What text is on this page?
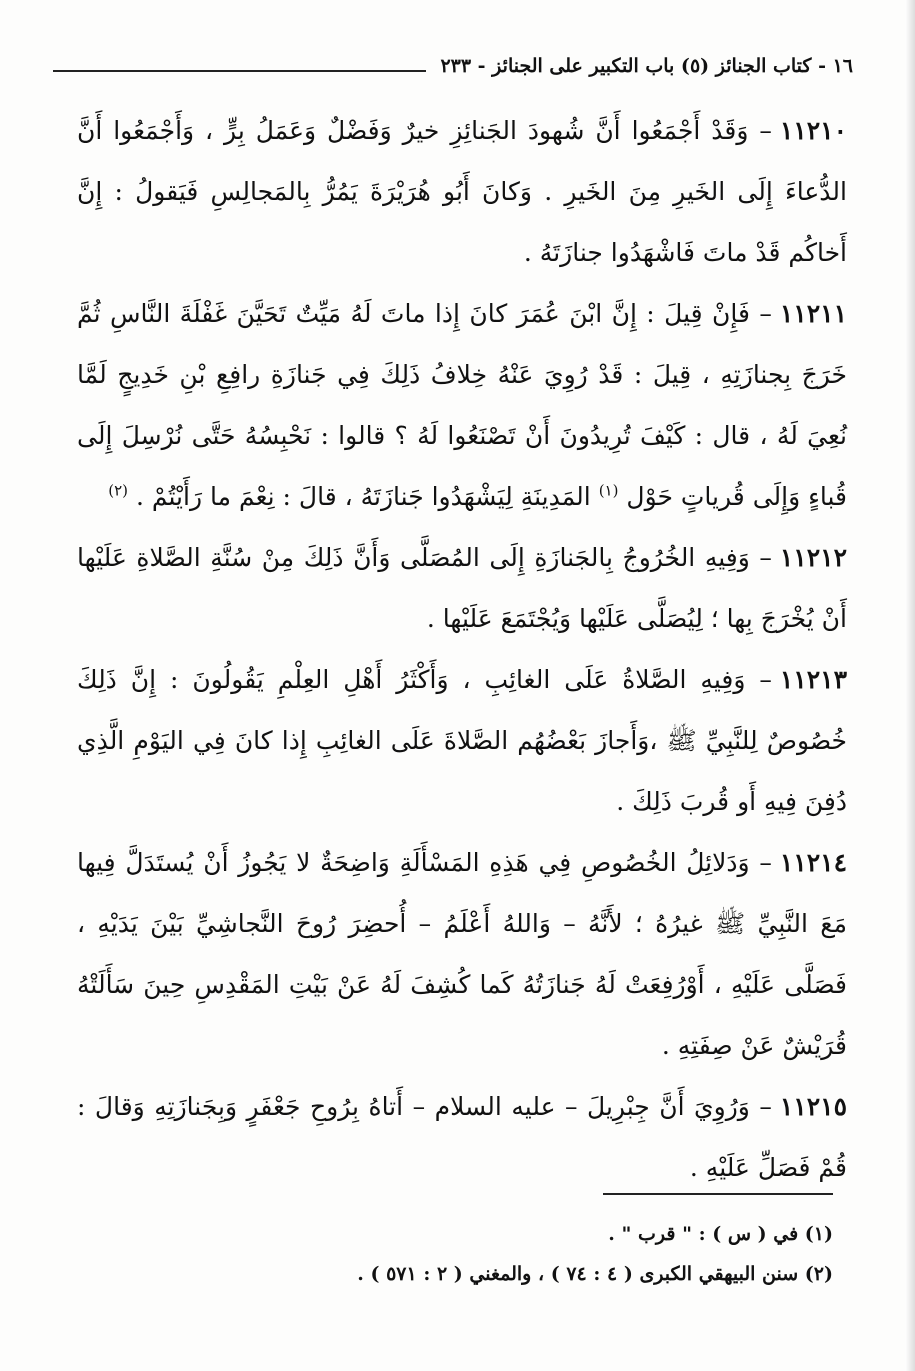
١٦ - كتاب الجنائز (٥) باب التكبير على الجنائز - ٢٣٣

١١٢١٠– وَقَدْ أَجْمَعُوا أَنَّ شُهودَ الجَنائِزِ خيرٌ وَفَضْلٌ وَعَمَلُ بِرٍّ ، وَأَجْمَعُوا أَنَّ الدُّعاءَ إِلَى الخَيرِ مِنَ الخَيرِ . وَكانَ أَبُو هُرَيْرَةَ يَمُرُّ بِالمَجالِسِ فَيَقولُ : إِنَّ أَخاكُم قَدْ ماتَ فَاشْهَدُوا جنازَتَهُ .

١١٢١١– فَإِنْ قِيلَ : إِنَّ ابْنَ عُمَرَ كانَ إِذا ماتَ لَهُ مَيِّتٌ تَحَيَّنَ غَفْلَةَ النَّاسِ ثُمَّ خَرَجَ بِجنازَتِهِ ، قِيلَ : قَدْ رُوِيَ عَنْهُ خِلافُ ذَلِكَ فِي جَنازَةِ رافِعِ بْنِ خَدِيجٍ لَمَّا نُعِيَ لَهُ ، قال : كَيْفَ تُرِيدُونَ أَنْ تَصْنَعُوا لَهُ ؟ قالوا : نَحْبِسُهُ حَتَّى نُرْسِلَ إِلَى قُباءٍ وَإِلَى قُرياتٍ حَوْل $^{(١)}$ المَدِينَةِ لِيَشْهَدُوا جَنازَتَهُ ، قالَ : نِعْمَ ما رَأَيْتُمْ . $^{(٢)}$

١١٢١٢– وَفِيهِ الخُرُوجُ بِالجَنازَةِ إِلَى المُصَلَّى وَأَنَّ ذَلِكَ مِنْ سُنَّةِ الصَّلاةِ عَلَيْها أَنْ يُخْرَجَ بِها ؛ لِيُصَلَّى عَلَيْها وَيُجْتَمَعَ عَلَيْها .

١١٢١٣– وَفِيهِ الصَّلاةُ عَلَى الغائِبِ ، وَأَكْثَرُ أَهْلِ العِلْمِ يَقُولُونَ : إِنَّ ذَلِكَ خُصُوصٌ لِلنَّبِيِّ ﷺ ،وَأَجازَ بَعْضُهُم الصَّلاةَ عَلَى الغائِبِ إِذا كانَ فِي اليَوْمِ الَّذِي دُفِنَ فِيهِ أَو قُربَ ذَلِكَ .

١١٢١٤– وَدَلائِلُ الخُصُوصِ فِي هَذِهِ المَسْأَلَةِ وَاضِحَةٌ لا يَجُوزُ أَنْ يُستَدَلَّ فِيها مَعَ النَّبِيِّ ﷺ غيرُهُ ؛ لأَنَّهُ – وَاللهُ أَعْلَمُ – أُحضِرَ رُوحَ النَّجاشِيِّ بَيْنَ يَدَيْهِ ، فَصَلَّى عَلَيْهِ ، أَوْرُفِعَتْ لَهُ جَنازَتُهُ كَما كُشِفَ لَهُ عَنْ بَيْتِ المَقْدِسِ حِينَ سَأَلَتْهُ قُرَيْشٌ عَنْ صِفَتِهِ .

١١٢١٥– وَرُوِيَ أَنَّ جِبْرِيلَ – عليه السلام – أَتاهُ بِرُوحِ جَعْفَرٍ وَبِجَنازَتِهِ وَقالَ : قُمْ فَصَلِّ عَلَيْهِ .

(١) في ( س ) : " قرب " .

(٢) سنن البيهقي الكبرى ( ٤ : ٧٤ ) ، والمغني ( ٢ : ٥٧١ ) .
